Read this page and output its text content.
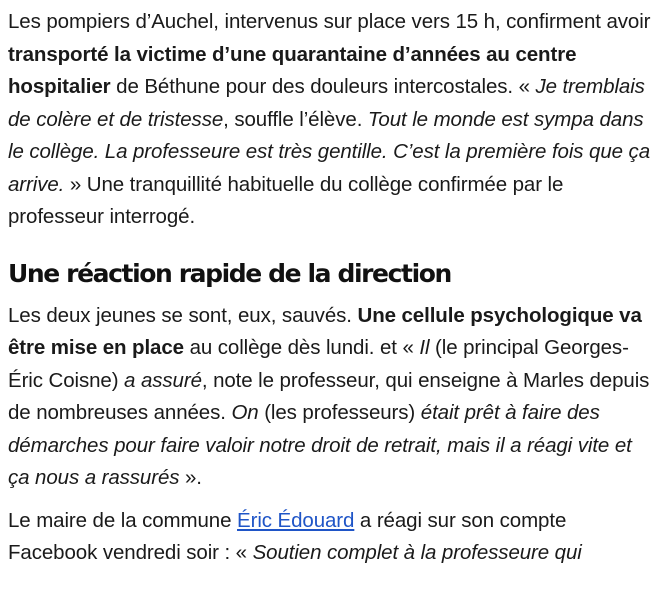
Les pompiers d’Auchel, intervenus sur place vers 15 h, confirment avoir transporté la victime d’une quarantaine d’années au centre hospitalier de Béthune pour des douleurs intercostales. « Je tremblais de colère et de tristesse, souffle l’élève. Tout le monde est sympa dans le collège. La professeure est très gentille. C’est la première fois que ça arrive. » Une tranquillité habituelle du collège confirmée par le professeur interrogé.

Une réaction rapide de la direction

Les deux jeunes se sont, eux, sauvés. Une cellule psychologique va être mise en place au collège dès lundi. et « Il (le principal Georges-Éric Coisne) a assuré, note le professeur, qui enseigne à Marles depuis de nombreuses années. On (les professeurs) était prêt à faire des démarches pour faire valoir notre droit de retrait, mais il a réagi vite et ça nous a rassurés ».

Le maire de la commune Éric Édouard a réagi sur son compte Facebook vendredi soir : « Soutien complet à la professeure qui
